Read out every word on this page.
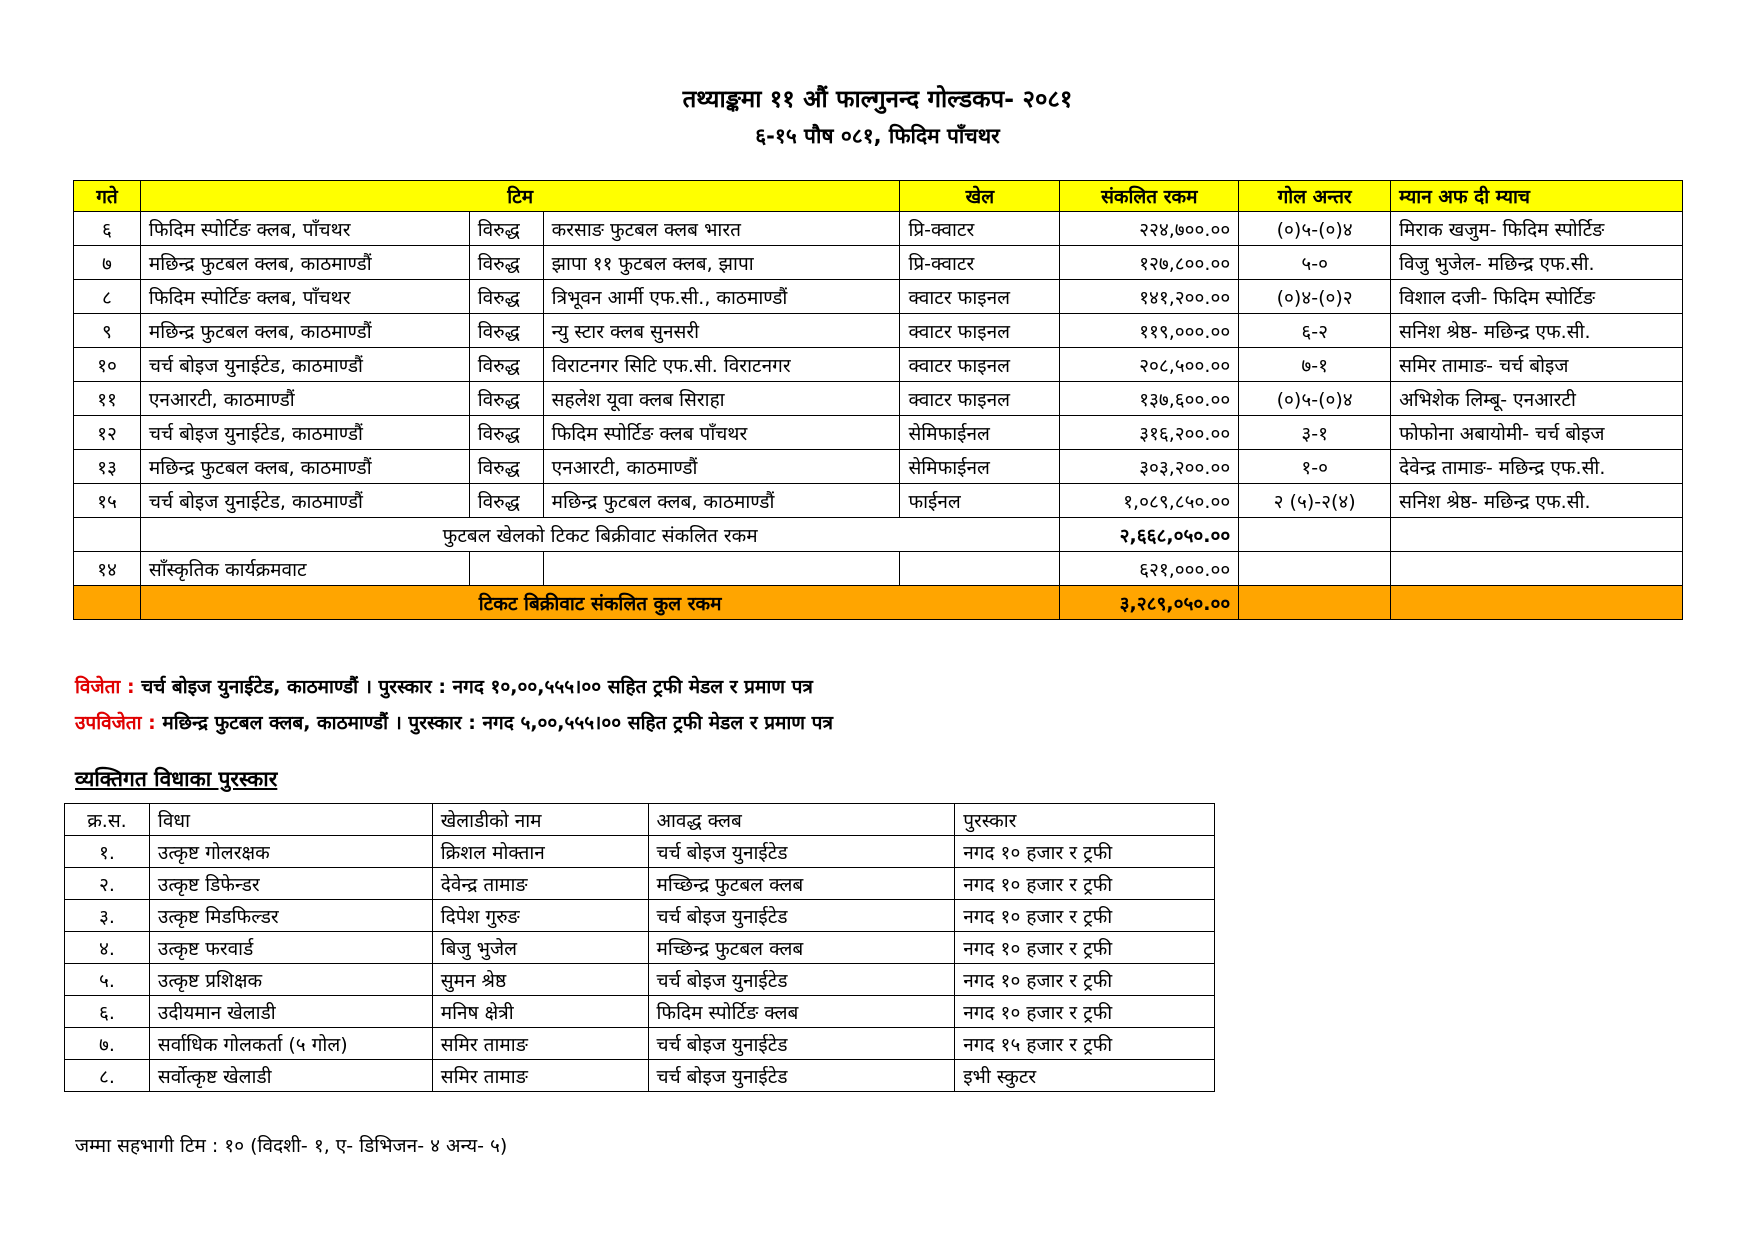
तथ्याङ्कमा ११ औं फाल्गुनन्द गोल्डकप- २०८१
६-१५ पौष ०८१, फिदिम पाँचथर
गते	टिम			खेल	संकलित रकम	गोल अन्तर	म्यान अफ दी म्याच
६	फिदिम स्पोर्टिङ क्लब, पाँचथर	विरुद्ध	करसाङ फुटबल क्लब भारत	प्रि-क्वाटर	२२४,७००.००	(०)५-(०)४	मिराक खजुम- फिदिम स्पोर्टिङ
७	मछिन्द्र फुटबल क्लब, काठमाण्डौं	विरुद्ध	झापा ११ फुटबल क्लब, झापा	प्रि-क्वाटर	१२७,८००.००	५-०	विजु भुजेल- मछिन्द्र एफ.सी.
८	फिदिम स्पोर्टिङ क्लब, पाँचथर	विरुद्ध	त्रिभूवन आर्मी एफ.सी., काठमाण्डौं	क्वाटर फाइनल	१४१,२००.००	(०)४-(०)२	विशाल दजी- फिदिम स्पोर्टिङ
९	मछिन्द्र फुटबल क्लब, काठमाण्डौं	विरुद्ध	न्यु स्टार क्लब सुनसरी	क्वाटर फाइनल	११९,०००.००	६-२	सनिश श्रेष्ठ- मछिन्द्र एफ.सी.
१०	चर्च बोइज युनाईटेड, काठमाण्डौं	विरुद्ध	विराटनगर सिटि एफ.सी. विराटनगर	क्वाटर फाइनल	२०८,५००.००	७-१	समिर तामाङ- चर्च बोइज
११	एनआरटी, काठमाण्डौं	विरुद्ध	सहलेश यूवा क्लब सिराहा	क्वाटर फाइनल	१३७,६००.००	(०)५-(०)४	अभिशेक लिम्बू- एनआरटी
१२	चर्च बोइज युनाईटेड, काठमाण्डौं	विरुद्ध	फिदिम स्पोर्टिङ क्लब पाँचथर	सेमिफाईनल	३१६,२००.००	३-१	फोफोना अबायोमी- चर्च बोइज
१३	मछिन्द्र फुटबल क्लब, काठमाण्डौं	विरुद्ध	एनआरटी, काठमाण्डौं	सेमिफाईनल	३०३,२००.००	१-०	देवेन्द्र तामाङ- मछिन्द्र एफ.सी.
१५	चर्च बोइज युनाईटेड, काठमाण्डौं	विरुद्ध	मछिन्द्र फुटबल क्लब, काठमाण्डौं	फाईनल	१,०८९,८५०.००	२ (५)-२(४)	सनिश श्रेष्ठ- मछिन्द्र एफ.सी.
	फुटबल खेलको टिकट बिक्रीवाट संकलित रकम				२,६६८,०५०.००		
१४	साँस्कृतिक कार्यक्रमवाट				६२१,०००.००		
	टिकट बिक्रीवाट संकलित कुल रकम				३,२८९,०५०.००		
विजेता : चर्च बोइज युनाईटेड, काठमाण्डौं । पुरस्कार : नगद १०,००,५५५।०० सहित ट्रफी मेडल र प्रमाण पत्र
उपविजेता : मछिन्द्र फुटबल क्लब, काठमाण्डौं । पुरस्कार : नगद ५,००,५५५।०० सहित ट्रफी मेडल र प्रमाण पत्र
व्यक्तिगत विधाका पुरस्कार
क्र.स.	विधा	खेलाडीको नाम	आवद्ध क्लब	पुरस्कार
१.	उत्कृष्ट गोलरक्षक	क्रिशल मोक्तान	चर्च बोइज युनाईटेड	नगद १० हजार र ट्रफी
२.	उत्कृष्ट डिफेन्डर	देवेन्द्र तामाङ	मच्छिन्द्र फुटबल क्लब	नगद १० हजार र ट्रफी
३.	उत्कृष्ट मिडफिल्डर	दिपेश गुरुङ	चर्च बोइज युनाईटेड	नगद १० हजार र ट्रफी
४.	उत्कृष्ट फरवार्ड	बिजु भुजेल	मच्छिन्द्र फुटबल क्लब	नगद १० हजार र ट्रफी
५.	उत्कृष्ट प्रशिक्षक	सुमन श्रेष्ठ	चर्च बोइज युनाईटेड	नगद १० हजार र ट्रफी
६.	उदीयमान खेलाडी	मनिष क्षेत्री	फिदिम स्पोर्टिङ क्लब	नगद १० हजार र ट्रफी
७.	सर्वाधिक गोलकर्ता (५ गोल)	समिर तामाङ	चर्च बोइज युनाईटेड	नगद १५ हजार र ट्रफी
८.	सर्वोत्कृष्ट खेलाडी	समिर तामाङ	चर्च बोइज युनाईटेड	इभी स्कुटर
जम्मा सहभागी टिम : १० (विदशी- १, ए- डिभिजन- ४ अन्य- ५)
